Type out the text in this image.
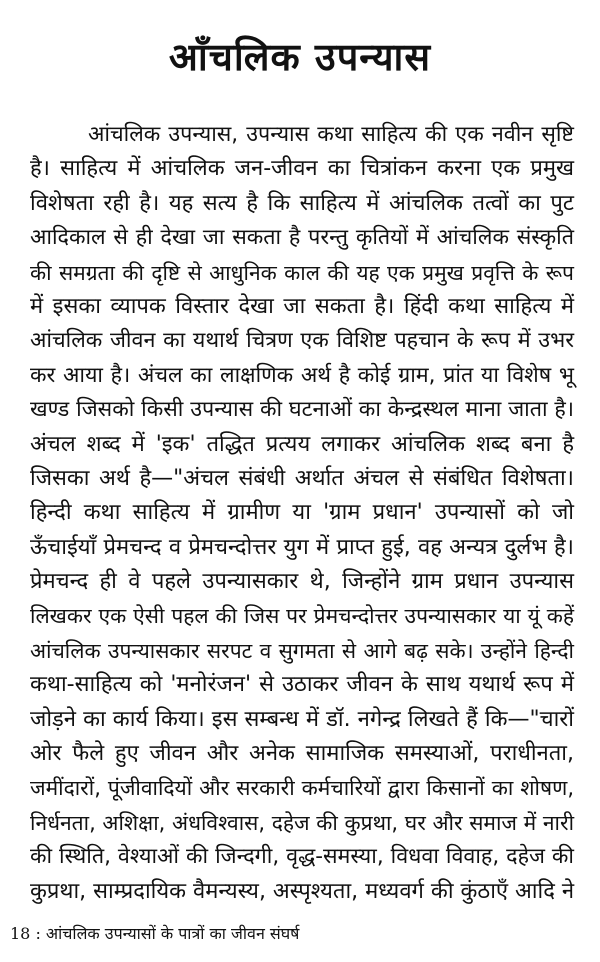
आँचलिक उपन्यास
आंचलिक उपन्यास, उपन्यास कथा साहित्य की एक नवीन सृष्टि
है। साहित्य में आंचलिक जन-जीवन का चित्रांकन करना एक प्रमुख
विशेषता रही है। यह सत्य है कि साहित्य में आंचलिक तत्वों का पुट
आदिकाल से ही देखा जा सकता है परन्तु कृतियों में आंचलिक संस्कृति
की समग्रता की दृष्टि से आधुनिक काल की यह एक प्रमुख प्रवृत्ति के रूप
में इसका व्यापक विस्तार देखा जा सकता है। हिंदी कथा साहित्य में
आंचलिक जीवन का यथार्थ चित्रण एक विशिष्ट पहचान के रूप में उभर
कर आया है। अंचल का लाक्षणिक अर्थ है कोई ग्राम, प्रांत या विशेष भू
खण्ड जिसको किसी उपन्यास की घटनाओं का केन्द्रस्थल माना जाता है।
अंचल शब्द में 'इक' तद्धित प्रत्यय लगाकर आंचलिक शब्द बना है
जिसका अर्थ है—"अंचल संबंधी अर्थात अंचल से संबंधित विशेषता।
हिन्दी कथा साहित्य में ग्रामीण या 'ग्राम प्रधान' उपन्यासों को जो
ऊँचाईयाँ प्रेमचन्द व प्रेमचन्दोत्तर युग में प्राप्त हुई, वह अन्यत्र दुर्लभ है।
प्रेमचन्द ही वे पहले उपन्यासकार थे, जिन्होंने ग्राम प्रधान उपन्यास
लिखकर एक ऐसी पहल की जिस पर प्रेमचन्दोत्तर उपन्यासकार या यूं कहें
आंचलिक उपन्यासकार सरपट व सुगमता से आगे बढ़ सके। उन्होंने हिन्दी
कथा-साहित्य को 'मनोरंजन' से उठाकर जीवन के साथ यथार्थ रूप में
जोड़ने का कार्य किया। इस सम्बन्ध में डॉ. नगेन्द्र लिखते हैं कि—"चारों
ओर फैले हुए जीवन और अनेक सामाजिक समस्याओं, पराधीनता,
जमींदारों, पूंजीवादियों और सरकारी कर्मचारियों द्वारा किसानों का शोषण,
निर्धनता, अशिक्षा, अंधविश्वास, दहेज की कुप्रथा, घर और समाज में नारी
की स्थिति, वेश्याओं की जिन्दगी, वृद्ध-समस्या, विधवा विवाह, दहेज की
कुप्रथा, साम्प्रदायिक वैमन्यस्य, अस्पृश्यता, मध्यवर्ग की कुंठाएँ आदि ने
18 : आंचलिक उपन्यासों के पात्रों का जीवन संघर्ष
